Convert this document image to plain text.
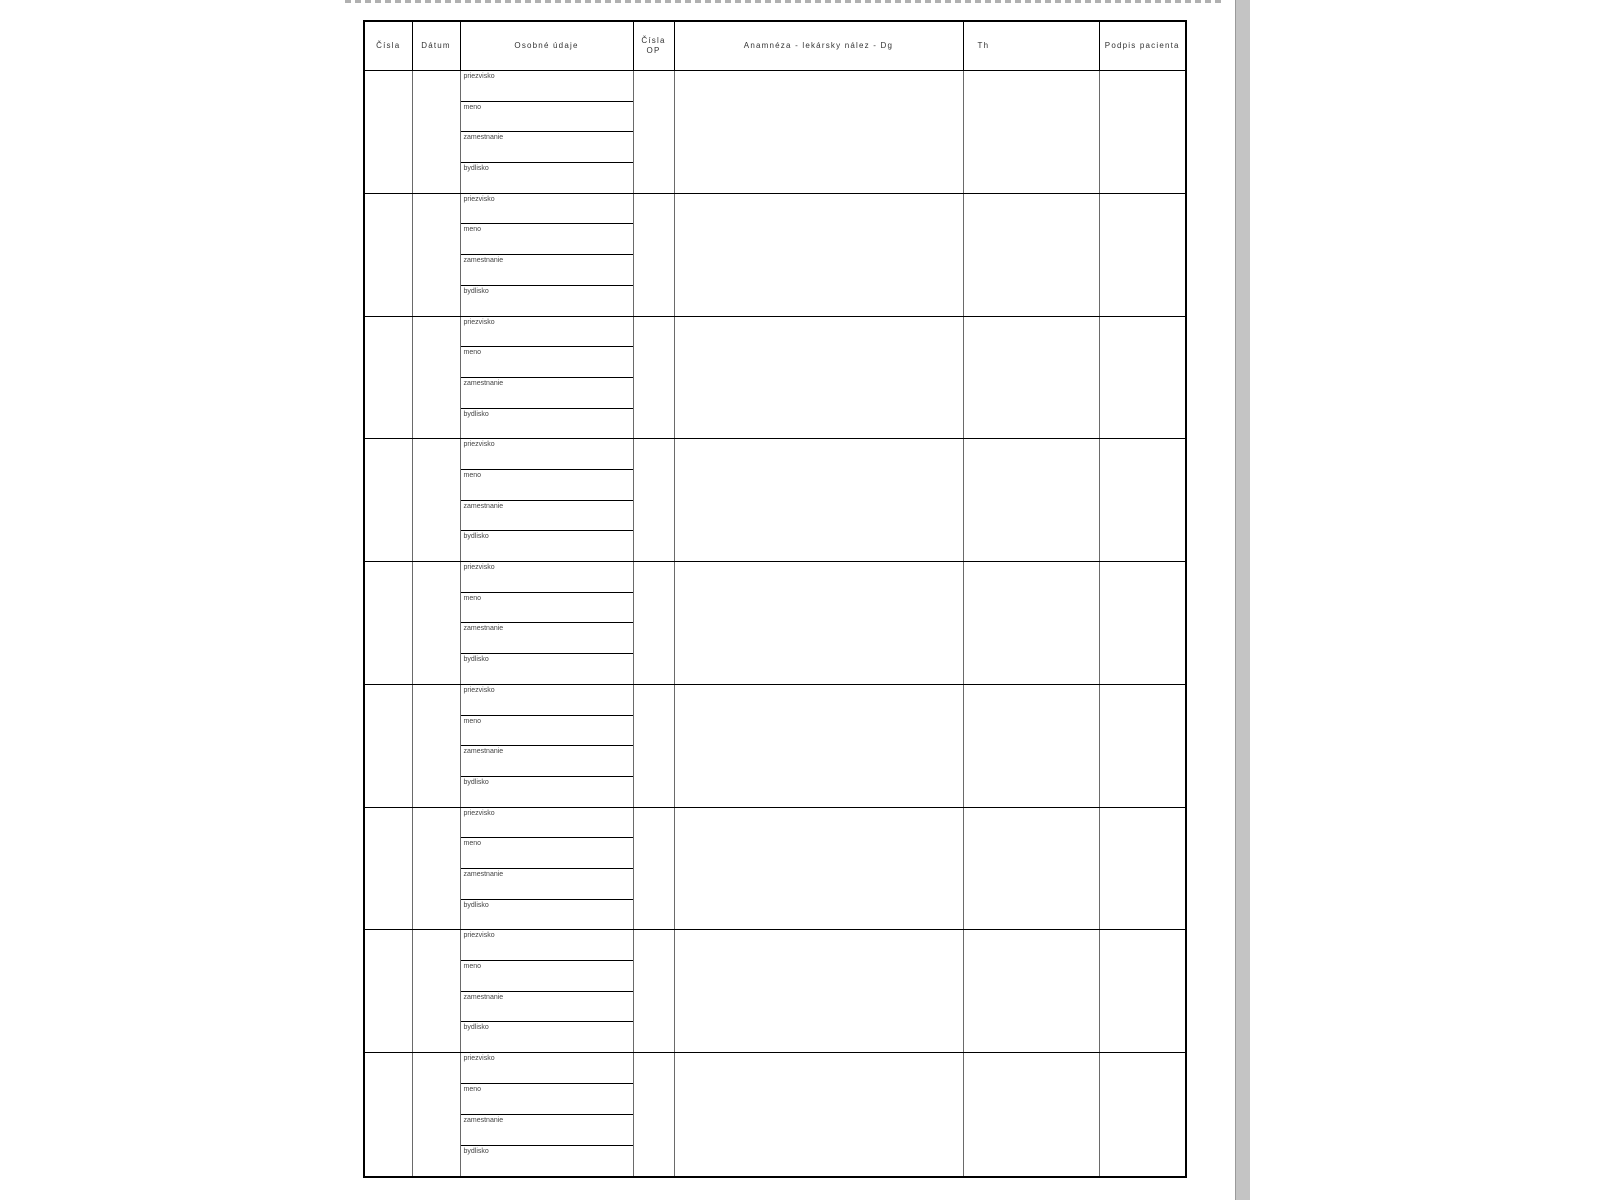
Čísla	Dátum	Osobné údaje	Čísla OP	Anamnéza - lekársky nález - Dg	Th	Podpis pacienta

		priezvisko
meno
zamestnanie
bydlisko				

		priezvisko
meno
zamestnanie
bydlisko				

		priezvisko
meno
zamestnanie
bydlisko				

		priezvisko
meno
zamestnanie
bydlisko				

		priezvisko
meno
zamestnanie
bydlisko				

		priezvisko
meno
zamestnanie
bydlisko				

		priezvisko
meno
zamestnanie
bydlisko				

		priezvisko
meno
zamestnanie
bydlisko				

		priezvisko
meno
zamestnanie
bydlisko				
